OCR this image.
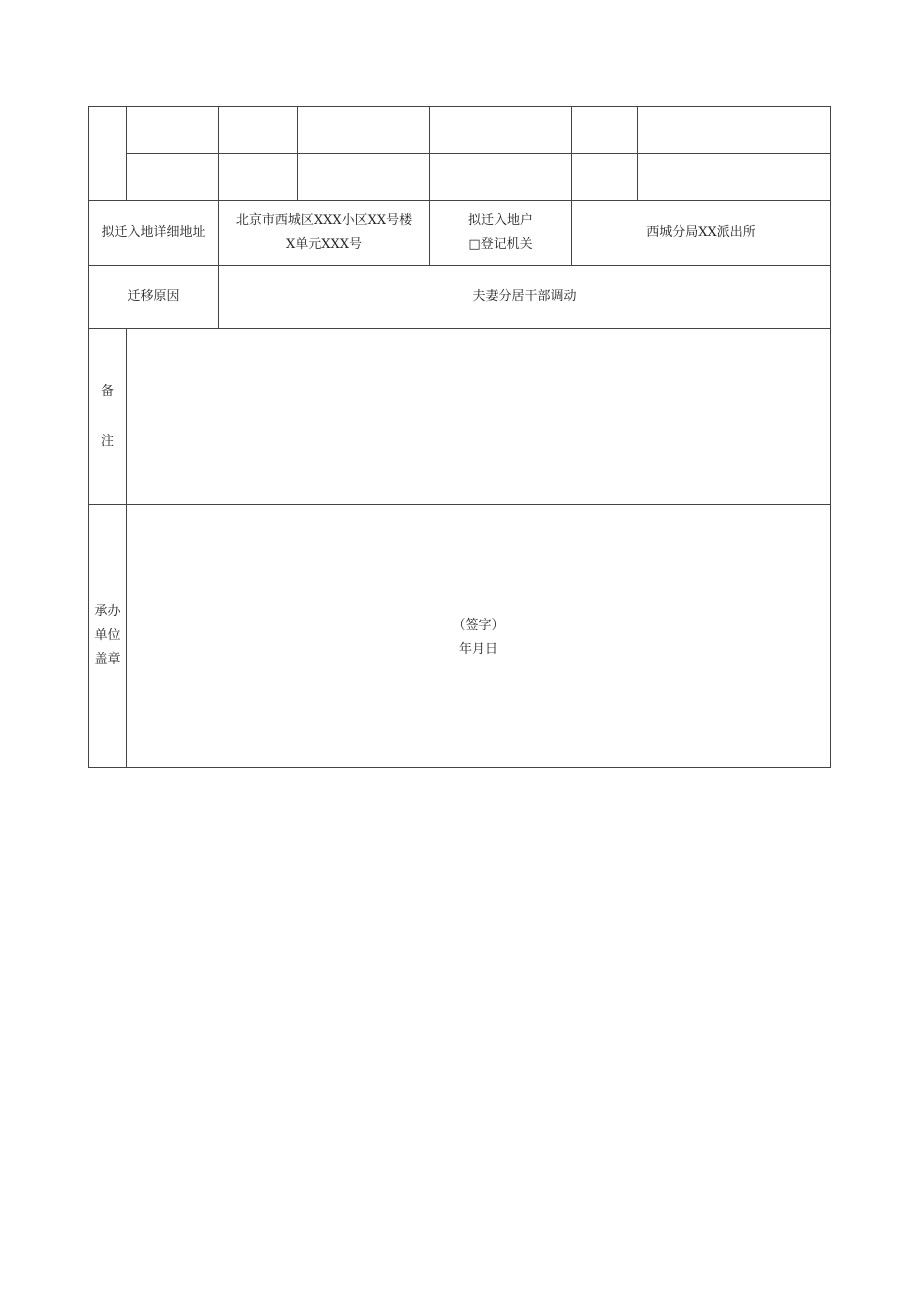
拟迁入地详细地址
北京市西城区XXX小区XX号楼
X单元XXX号
拟迁入地户
□登记机关
西城分局XX派出所
迁移原因	夫妻分居干部调动
备
注
承办
单位
盖章
（签字）
年月日
